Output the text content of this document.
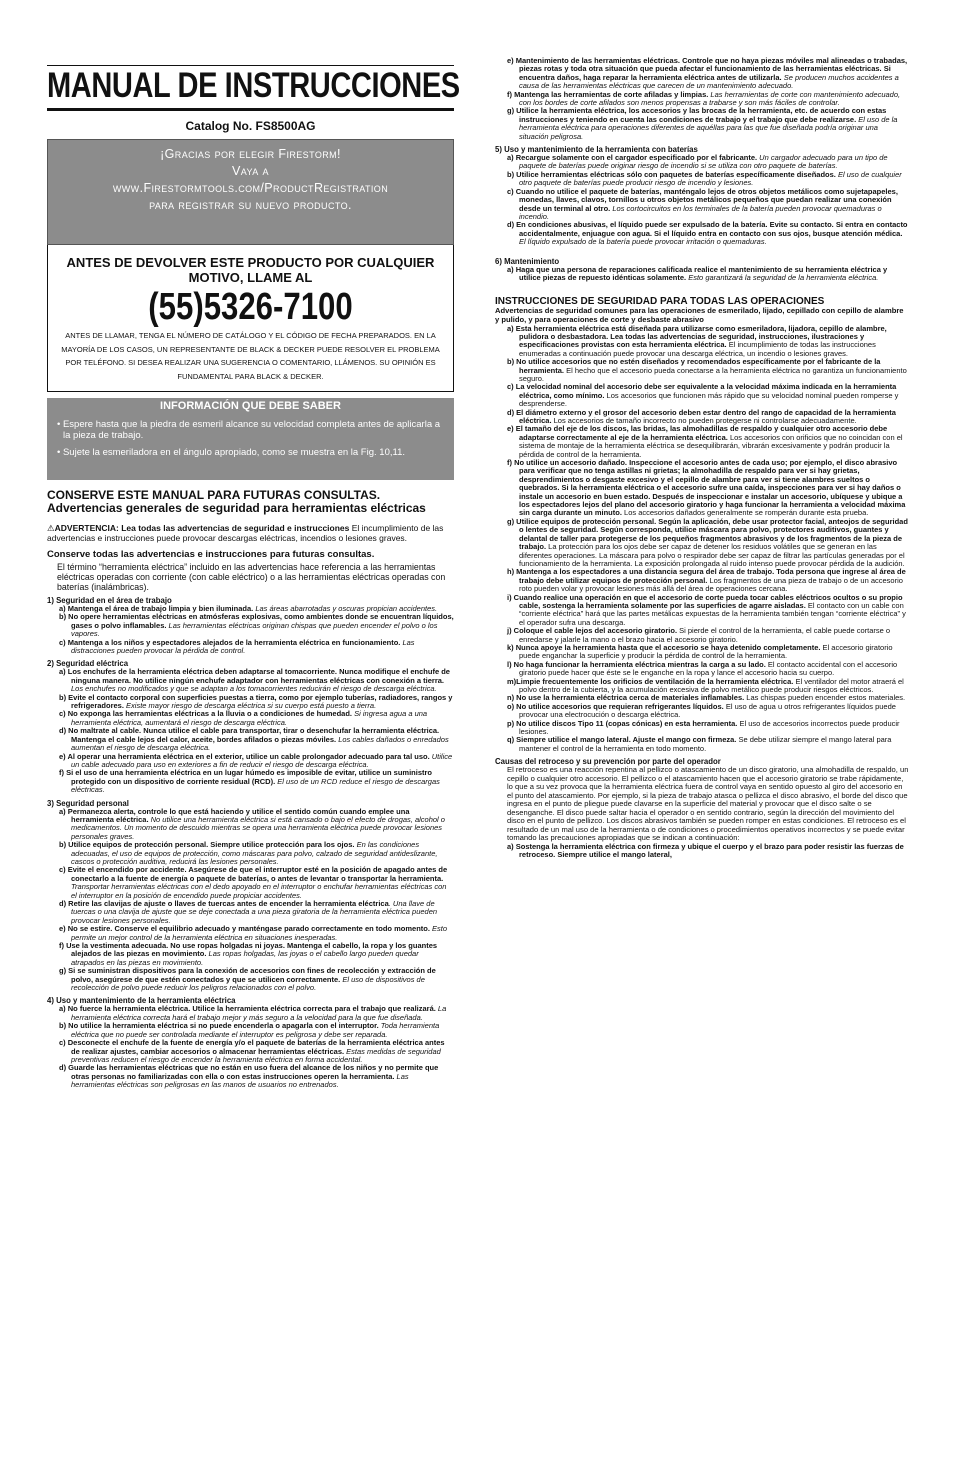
MANUAL DE INSTRUCCIONES
Catalog No. FS8500AG
¡Gracias por elegir Firestorm!
Vaya a
www.Firestormtools.com/ProductRegistration
para registrar su nuevo producto.
ANTES DE DEVOLVER ESTE PRODUCTO POR CUALQUIER MOTIVO, LLAME AL
(55)5326-7100
ANTES DE LLAMAR, TENGA EL NÚMERO DE CATÁLOGO Y EL CÓDIGO DE FECHA PREPARADOS. EN LA MAYORÍA DE LOS CASOS, UN REPRESENTANTE DE BLACK & DECKER PUEDE RESOLVER EL PROBLEMA POR TELÉFONO. SI DESEA REALIZAR UNA SUGERENCIA O COMENTARIO, LLÁMENOS. SU OPINIÓN ES FUNDAMENTAL PARA BLACK & DECKER.
INFORMACIÓN QUE DEBE SABER

• Espere hasta que la piedra de esmeril alcance su velocidad completa antes de aplicarla a la pieza de trabajo.

• Sujete la esmeriladora en el ángulo apropiado, como se muestra en la Fig. 10,11.

CONSERVE ESTE MANUAL PARA FUTURAS CONSULTAS.
Advertencias generales de seguridad para herramientas eléctricas
⚠ADVERTENCIA: Lea todas las advertencias de seguridad e instrucciones El incumplimiento de las advertencias e instrucciones puede provocar descargas eléctricas, incendios o lesiones graves.
Conserve todas las advertencias e instrucciones para futuras consultas.
El término “herramienta eléctrica” incluido en las advertencias hace referencia a las herramientas eléctricas operadas con corriente (con cable eléctrico) o a las herramientas eléctricas operadas con baterías (inalámbricas).
1) Seguridad en el área de trabajo
a) Mantenga el área de trabajo limpia y bien iluminada. Las áreas abarrotadas y oscuras propician accidentes.
b) No opere herramientas eléctricas en atmósferas explosivas, como ambientes donde se encuentran líquidos, gases o polvo inflamables. Las herramientas eléctricas originan chispas que pueden encender el polvo o los vapores.
c) Mantenga a los niños y espectadores alejados de la herramienta eléctrica en funcionamiento. Las distracciones pueden provocar la pérdida de control.
2) Seguridad eléctrica
a) Los enchufes de la herramienta eléctrica deben adaptarse al tomacorriente. Nunca modifique el enchufe de ninguna manera. No utilice ningún enchufe adaptador con herramientas eléctricas con conexión a tierra. Los enchufes no modificados y que se adaptan a los tomacorrientes reducirán el riesgo de descarga eléctrica.
b) Evite el contacto corporal con superficies puestas a tierra, como por ejemplo tuberías, radiadores, rangos y refrigeradores. Existe mayor riesgo de descarga eléctrica si su cuerpo está puesto a tierra.
c) No exponga las herramientas eléctricas a la lluvia o a condiciones de humedad. Si ingresa agua a una herramienta eléctrica, aumentará el riesgo de descarga eléctrica.
d) No maltrate al cable. Nunca utilice el cable para transportar, tirar o desenchufar la herramienta eléctrica. Mantenga el cable lejos del calor, aceite, bordes afilados o piezas móviles. Los cables dañados o enredados aumentan el riesgo de descarga eléctrica.
e) Al operar una herramienta eléctrica en el exterior, utilice un cable prolongador adecuado para tal uso. Utilice un cable adecuado para uso en exteriores a fin de reducir el riesgo de descarga eléctrica.
f) Si el uso de una herramienta eléctrica en un lugar húmedo es imposible de evitar, utilice un suministro protegido con un dispositivo de corriente residual (RCD). El uso de un RCD reduce el riesgo de descargas eléctricas.
3) Seguridad personal
a) Permanezca alerta, controle lo que está haciendo y utilice el sentido común cuando emplee una herramienta eléctrica. No utilice una herramienta eléctrica si está cansado o bajo el efecto de drogas, alcohol o medicamentos. Un momento de descuido mientras se opera una herramienta eléctrica puede provocar lesiones personales graves.
b) Utilice equipos de protección personal. Siempre utilice protección para los ojos. En las condiciones adecuadas, el uso de equipos de protección, como máscaras para polvo, calzado de seguridad antideslizante, cascos o protección auditiva, reducirá las lesiones personales.
c) Evite el encendido por accidente. Asegúrese de que el interruptor esté en la posición de apagado antes de conectarlo a la fuente de energía o paquete de baterías, o antes de levantar o transportar la herramienta. Transportar herramientas eléctricas con el dedo apoyado en el interruptor o enchufar herramientas eléctricas con el interruptor en la posición de encendido puede propiciar accidentes.
d) Retire las clavijas de ajuste o llaves de tuercas antes de encender la herramienta eléctrica. Una llave de tuercas o una clavija de ajuste que se deje conectada a una pieza giratoria de la herramienta eléctrica pueden provocar lesiones personales.
e) No se estire. Conserve el equilibrio adecuado y manténgase parado correctamente en todo momento. Esto permite un mejor control de la herramienta eléctrica en situaciones inesperadas.
f) Use la vestimenta adecuada. No use ropas holgadas ni joyas. Mantenga el cabello, la ropa y los guantes alejados de las piezas en movimiento. Las ropas holgadas, las joyas o el cabello largo pueden quedar atrapados en las piezas en movimiento.
g) Si se suministran dispositivos para la conexión de accesorios con fines de recolección y extracción de polvo, asegúrese de que estén conectados y que se utilicen correctamente. El uso de dispositivos de recolección de polvo puede reducir los peligros relacionados con el polvo.
4) Uso y mantenimiento de la herramienta eléctrica
a) No fuerce la herramienta eléctrica. Utilice la herramienta eléctrica correcta para el trabajo que realizará. La herramienta eléctrica correcta hará el trabajo mejor y más seguro a la velocidad para la que fue diseñada.
b) No utilice la herramienta eléctrica si no puede encenderla o apagarla con el interruptor. Toda herramienta eléctrica que no puede ser controlada mediante el interruptor es peligrosa y debe ser reparada.
c) Desconecte el enchufe de la fuente de energía y/o el paquete de baterías de la herramienta eléctrica antes de realizar ajustes, cambiar accesorios o almacenar herramientas eléctricas. Estas medidas de seguridad preventivas reducen el riesgo de encender la herramienta eléctrica en forma accidental.
d) Guarde las herramientas eléctricas que no están en uso fuera del alcance de los niños y no permite que otras personas no familiarizadas con ella o con estas instrucciones operen la herramienta. Las herramientas eléctricas son peligrosas en las manos de usuarios no entrenados.
e) Mantenimiento de las herramientas eléctricas. Controle que no haya piezas móviles mal alineadas o trabadas, piezas rotas y toda otra situación que pueda afectar el funcionamiento de las herramientas eléctricas. Si encuentra daños, haga reparar la herramienta eléctrica antes de utilizarla. Se producen muchos accidentes a causa de las herramientas eléctricas que carecen de un mantenimiento adecuado.
f) Mantenga las herramientas de corte afiladas y limpias. Las herramientas de corte con mantenimiento adecuado, con los bordes de corte afilados son menos propensas a trabarse y son más fáciles de controlar.
g) Utilice la herramienta eléctrica, los accesorios y las brocas de la herramienta, etc. de acuerdo con estas instrucciones y teniendo en cuenta las condiciones de trabajo y el trabajo que debe realizarse. El uso de la herramienta eléctrica para operaciones diferentes de aquéllas para las que fue diseñada podría originar una situación peligrosa.
5) Uso y mantenimiento de la herramienta con baterías
a) Recargue solamente con el cargador especificado por el fabricante. Un cargador adecuado para un tipo de paquete de baterías puede originar riesgo de incendio si se utiliza con otro paquete de baterías.
b) Utilice herramientas eléctricas sólo con paquetes de baterías específicamente diseñados. El uso de cualquier otro paquete de baterías puede producir riesgo de incendio y lesiones.
c) Cuando no utilice el paquete de baterías, manténgalo lejos de otros objetos metálicos como sujetapapeles, monedas, llaves, clavos, tornillos u otros objetos metálicos pequeños que puedan realizar una conexión desde un terminal al otro. Los cortocircuitos en los terminales de la batería pueden provocar quemaduras o incendio.
d) En condiciones abusivas, el líquido puede ser expulsado de la batería. Evite su contacto. Si entra en contacto accidentalmente, enjuague con agua. Si el líquido entra en contacto con sus ojos, busque atención médica. El líquido expulsado de la batería puede provocar irritación o quemaduras.
6) Mantenimiento
a) Haga que una persona de reparaciones calificada realice el mantenimiento de su herramienta eléctrica y utilice piezas de repuesto idénticas solamente. Esto garantizará la seguridad de la herramienta eléctrica.
INSTRUCCIONES DE SEGURIDAD PARA TODAS LAS OPERACIONES
Advertencias de seguridad comunes para las operaciones de esmerilado, lijado, cepillado con cepillo de alambre y pulido, y para operaciones de corte y desbaste abrasivo
a) Esta herramienta eléctrica está diseñada para utilizarse como esmeriladora, lijadora, cepillo de alambre, pulidora o desbastadora. Lea todas las advertencias de seguridad, instrucciones, ilustraciones y especificaciones provistas con esta herramienta eléctrica. El incumplimiento de todas las instrucciones enumeradas a continuación puede provocar una descarga eléctrica, un incendio o lesiones graves.
b) No utilice accesorios que no estén diseñados y recomendados específicamente por el fabricante de la herramienta. El hecho que el accesorio pueda conectarse a la herramienta eléctrica no garantiza un funcionamiento seguro.
c) La velocidad nominal del accesorio debe ser equivalente a la velocidad máxima indicada en la herramienta eléctrica, como mínimo. Los accesorios que funcionen más rápido que su velocidad nominal pueden romperse y desprenderse.
d) El diámetro externo y el grosor del accesorio deben estar dentro del rango de capacidad de la herramienta eléctrica. Los accesorios de tamaño incorrecto no pueden protegerse ni controlarse adecuadamente.
e) El tamaño del eje de los discos, las bridas, las almohadillas de respaldo y cualquier otro accesorio debe adaptarse correctamente al eje de la herramienta eléctrica. Los accesorios con orificios que no coincidan con el sistema de montaje de la herramienta eléctrica se desequilibrarán, vibrarán excesivamente y podrán producir la pérdida de control de la herramienta.
f) No utilice un accesorio dañado. Inspeccione el accesorio antes de cada uso; por ejemplo, el disco abrasivo para verificar que no tenga astillas ni grietas; la almohadilla de respaldo para ver si hay grietas, desprendimientos o desgaste excesivo y el cepillo de alambre para ver si tiene alambres sueltos o quebrados. Si la herramienta eléctrica o el accesorio sufre una caída, inspecciones para ver si hay daños o instale un accesorio en buen estado. Después de inspeccionar e instalar un accesorio, ubíquese y ubique a los espectadores lejos del plano del accesorio giratorio y haga funcionar la herramienta a velocidad máxima sin carga durante un minuto. Los accesorios dañados generalmente se romperán durante esta prueba.
g) Utilice equipos de protección personal. Según la aplicación, debe usar protector facial, anteojos de seguridad o lentes de seguridad. Según corresponda, utilice máscara para polvo, protectores auditivos, guantes y delantal de taller para protegerse de los pequeños fragmentos abrasivos y de los fragmentos de la pieza de trabajo. La protección para los ojos debe ser capaz de detener los residuos volátiles que se generan en las diferentes operaciones. La máscara para polvo o respirador debe ser capaz de filtrar las partículas generadas por el funcionamiento de la herramienta. La exposición prolongada al ruido intenso puede provocar pérdida de la audición.
h) Mantenga a los espectadores a una distancia segura del área de trabajo. Toda persona que ingrese al área de trabajo debe utilizar equipos de protección personal. Los fragmentos de una pieza de trabajo o de un accesorio roto pueden volar y provocar lesiones más allá del área de operaciones cercana.
i) Cuando realice una operación en que el accesorio de corte pueda tocar cables eléctricos ocultos o su propio cable, sostenga la herramienta solamente por las superficies de agarre aisladas. El contacto con un cable con “corriente eléctrica” hará que las partes metálicas expuestas de la herramienta también tengan “corriente eléctrica” y el operador sufra una descarga.
j) Coloque el cable lejos del accesorio giratorio. Si pierde el control de la herramienta, el cable puede cortarse o enredarse y jalarle la mano o el brazo hacia el accesorio giratorio.
k) Nunca apoye la herramienta hasta que el accesorio se haya detenido completamente. El accesorio giratorio puede enganchar la superficie y producir la pérdida de control de la herramienta.
l) No haga funcionar la herramienta eléctrica mientras la carga a su lado. El contacto accidental con el accesorio giratorio puede hacer que éste se le enganche en la ropa y lance el accesorio hacia su cuerpo.
m)Limpie frecuentemente los orificios de ventilación de la herramienta eléctrica. El ventilador del motor atraerá el polvo dentro de la cubierta, y la acumulación excesiva de polvo metálico puede producir riesgos eléctricos.
n) No use la herramienta eléctrica cerca de materiales inflamables. Las chispas pueden encender estos materiales.
o) No utilice accesorios que requieran refrigerantes líquidos. El uso de agua u otros refrigerantes líquidos puede provocar una electrocución o descarga eléctrica.
p) No utilice discos Tipo 11 (copas cónicas) en esta herramienta. El uso de accesorios incorrectos puede producir lesiones.
q) Siempre utilice el mango lateral. Ajuste el mango con firmeza. Se debe utilizar siempre el mango lateral para mantener el control de la herramienta en todo momento.
Causas del retroceso y su prevención por parte del operador
El retroceso es una reacción repentina al pellizco o atascamiento de un disco giratorio, una almohadilla de respaldo, un cepillo o cualquier otro accesorio. El pellizco o el atascamiento hacen que el accesorio giratorio se trabe rápidamente, lo que a su vez provoca que la herramienta eléctrica fuera de control vaya en sentido opuesto al giro del accesorio en el punto del atascamiento. Por ejemplo, si la pieza de trabajo atasca o pellizca el disco abrasivo, el borde del disco que ingresa en el punto de pliegue puede clavarse en la superficie del material y provocar que el disco salte o se desenganche. El disco puede saltar hacia el operador o en sentido contrario, según la dirección del movimiento del disco en el punto de pellizco. Los discos abrasivos también se pueden romper en estas condiciones. El retroceso es el resultado de un mal uso de la herramienta o de condiciones o procedimientos operativos incorrectos y se puede evitar tomando las precauciones apropiadas que se indican a continuación:
a) Sostenga la herramienta eléctrica con firmeza y ubique el cuerpo y el brazo para poder resistir las fuerzas de retroceso. Siempre utilice el mango lateral,
